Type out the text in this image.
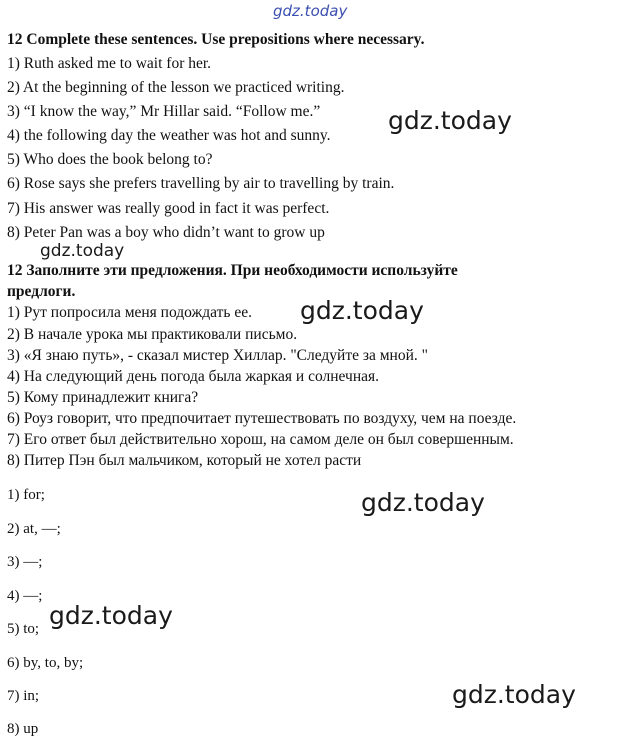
gdz.today
12 Complete these sentences. Use prepositions where necessary.
1) Ruth asked me to wait for her.
2) At the beginning of the lesson we practiced writing.
3) “I know the way,” Mr Hillar said. “Follow me.”
4) the following day the weather was hot and sunny.
5) Who does the book belong to?
6) Rose says she prefers travelling by air to travelling by train.
7) His answer was really good in fact it was perfect.
8) Peter Pan was a boy who didn’t want to grow up
12 Заполните эти предложения. При необходимости используйте
предлоги.
1) Рут попросила меня подождать ее.
2) В начале урока мы практиковали письмо.
3) «Я знаю путь», - сказал мистер Хиллар. "Следуйте за мной. "
4) На следующий день погода была жаркая и солнечная.
5) Кому принадлежит книга?
6) Роуз говорит, что предпочитает путешествовать по воздуху, чем на поезде.
7) Его ответ был действительно хорош, на самом деле он был совершенным.
8) Питер Пэн был мальчиком, который не хотел расти
1) for;
2) at, —;
3) —;
4) —;
5) to;
6) by, to, by;
7) in;
8) up
gdz.today
gdz.today
gdz.today
gdz.today
gdz.today
gdz.today
